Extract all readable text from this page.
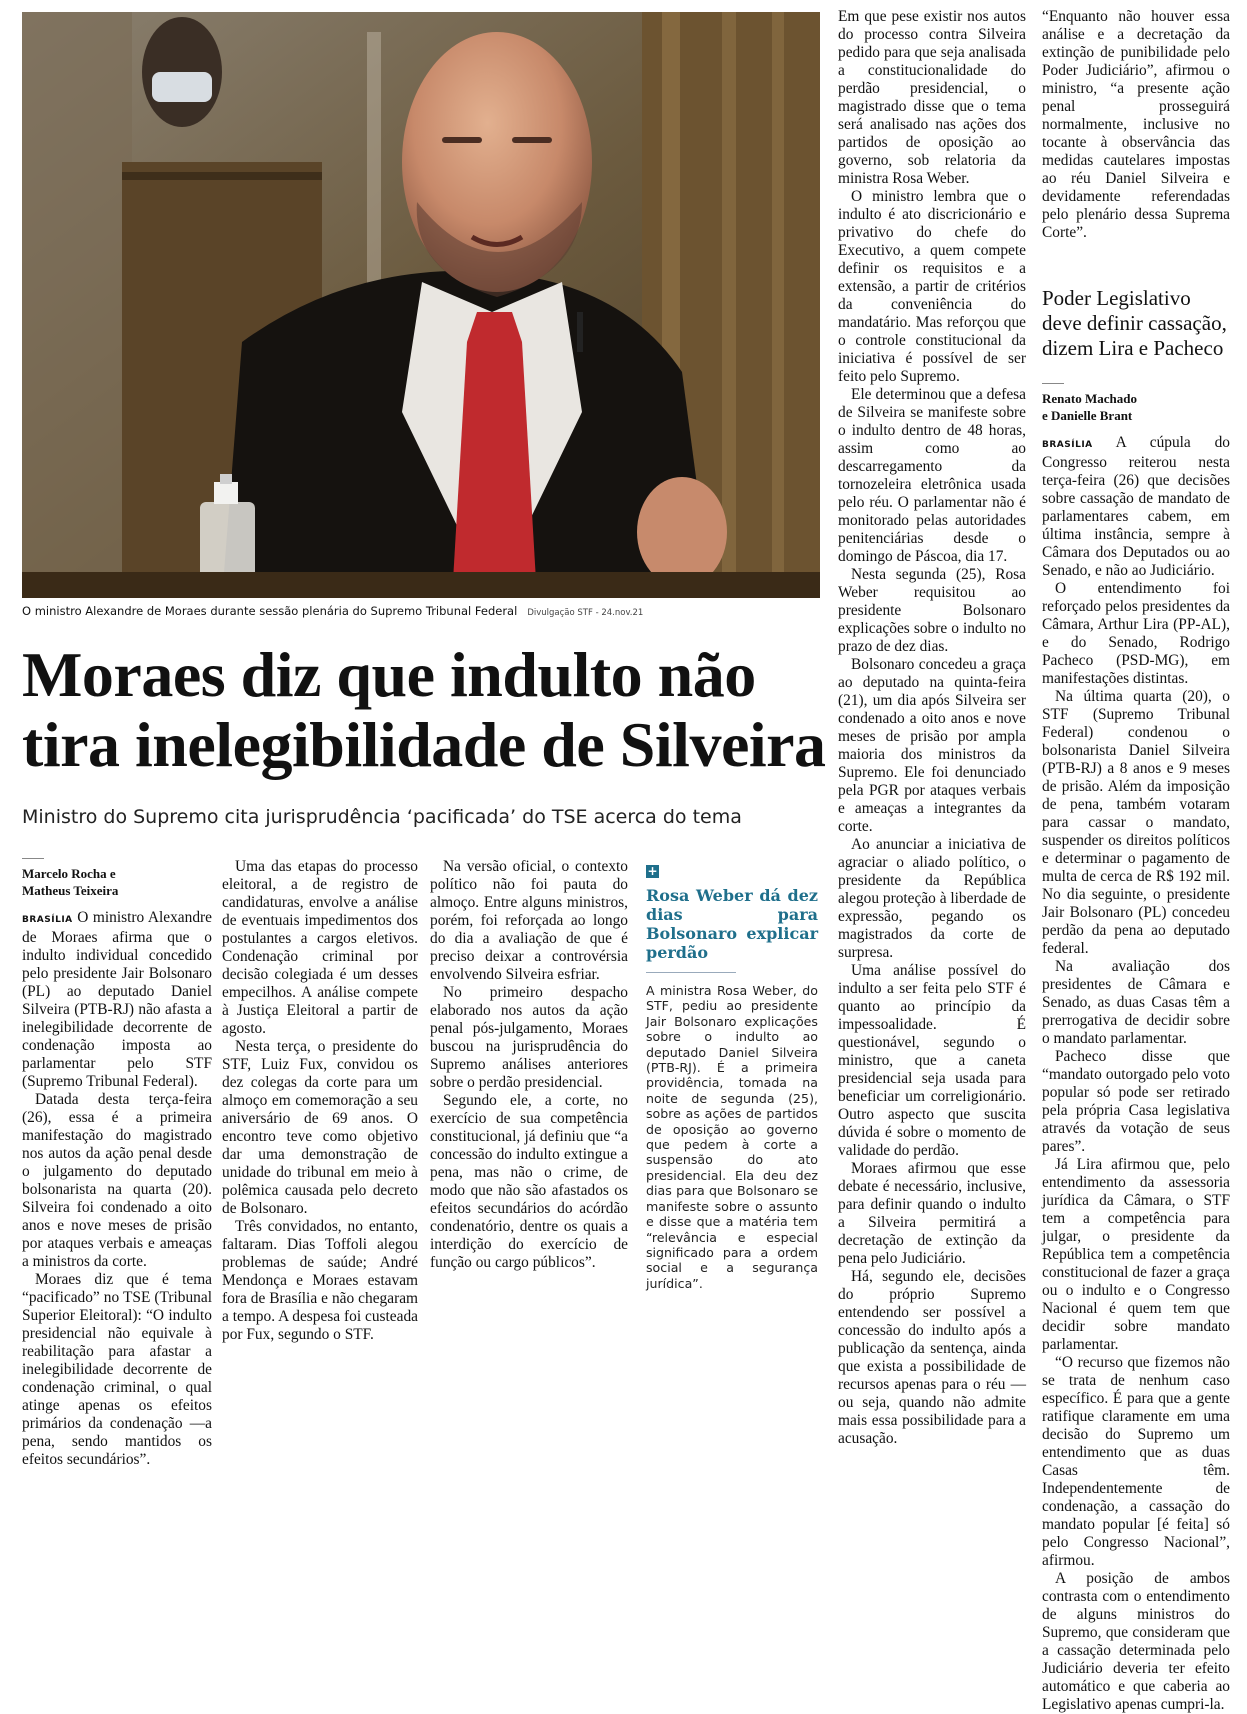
O ministro Alexandre de Moraes durante sessão plenária do Supremo Tribunal Federal Divulgação STF - 24.nov.21
Moraes diz que indulto não
tira inelegibilidade de Silveira
Ministro do Supremo cita jurisprudência ‘pacificada’ do TSE acerca do tema
Marcelo Rocha e
Matheus Teixeira

BRASÍLIA O ministro Alexandre de Moraes afirma que o indulto individual concedido pelo presidente Jair Bolsonaro (PL) ao deputado Daniel Silveira (PTB-RJ) não afasta a inelegibilidade decorrente de condenação imposta ao parlamentar pelo STF (Supremo Tribunal Federal).

Datada desta terça-feira (26), essa é a primeira manifestação do magistrado nos autos da ação penal desde o julgamento do deputado bolsonarista na quarta (20). Silveira foi condenado a oito anos e nove meses de prisão por ataques verbais e ameaças a ministros da corte.

Moraes diz que é tema “pacificado” no TSE (Tribunal Superior Eleitoral): “O indulto presidencial não equivale à reabilitação para afastar a inelegibilidade decorrente de condenação criminal, o qual atinge apenas os efeitos primários da condenação —a pena, sendo mantidos os efeitos secundários”.

Uma das etapas do processo eleitoral, a de registro de candidaturas, envolve a análise de eventuais impedimentos dos postulantes a cargos eletivos. Condenação criminal por decisão colegiada é um desses empecilhos. A análise compete à Justiça Eleitoral a partir de agosto.

Nesta terça, o presidente do STF, Luiz Fux, convidou os dez colegas da corte para um almoço em comemoração a seu aniversário de 69 anos. O encontro teve como objetivo dar uma demonstração de unidade do tribunal em meio à polêmica causada pelo decreto de Bolsonaro.

Três convidados, no entanto, faltaram. Dias Toffoli alegou problemas de saúde; André Mendonça e Moraes estavam fora de Brasília e não chegaram a tempo. A despesa foi custeada por Fux, segundo o STF.

Na versão oficial, o contexto político não foi pauta do almoço. Entre alguns ministros, porém, foi reforçada ao longo do dia a avaliação de que é preciso deixar a controvérsia envolvendo Silveira esfriar.

No primeiro despacho elaborado nos autos da ação penal pós-julgamento, Moraes buscou na jurisprudência do Supremo análises anteriores sobre o perdão presidencial.

Segundo ele, a corte, no exercício de sua competência constitucional, já definiu que “a concessão do indulto extingue a pena, mas não o crime, de modo que não são afastados os efeitos secundários do acórdão condenatório, dentre os quais a interdição do exercício de função ou cargo públicos”.

+
Rosa Weber dá dez dias para Bolsonaro explicar perdão
A ministra Rosa Weber, do STF, pediu ao presidente Jair Bolsonaro explicações sobre o indulto ao deputado Daniel Silveira (PTB-RJ). É a primeira providência, tomada na noite de segunda (25), sobre as ações de partidos de oposição ao governo que pedem à corte a suspensão do ato presidencial. Ela deu dez dias para que Bolsonaro se manifeste sobre o assunto e disse que a matéria tem “relevância e especial significado para a ordem social e a segurança jurídica”.

Em que pese existir nos autos do processo contra Silveira pedido para que seja analisada a constitucionalidade do perdão presidencial, o magistrado disse que o tema será analisado nas ações dos partidos de oposição ao governo, sob relatoria da ministra Rosa Weber.

O ministro lembra que o indulto é ato discricionário e privativo do chefe do Executivo, a quem compete definir os requisitos e a extensão, a partir de critérios da conveniência do mandatário. Mas reforçou que o controle constitucional da iniciativa é possível de ser feito pelo Supremo.

Ele determinou que a defesa de Silveira se manifeste sobre o indulto dentro de 48 horas, assim como ao descarregamento da tornozeleira eletrônica usada pelo réu. O parlamentar não é monitorado pelas autoridades penitenciárias desde o domingo de Páscoa, dia 17.

Nesta segunda (25), Rosa Weber requisitou ao presidente Bolsonaro explicações sobre o indulto no prazo de dez dias.

Bolsonaro concedeu a graça ao deputado na quinta-feira (21), um dia após Silveira ser condenado a oito anos e nove meses de prisão por ampla maioria dos ministros da Supremo. Ele foi denunciado pela PGR por ataques verbais e ameaças a integrantes da corte.

Ao anunciar a iniciativa de agraciar o aliado político, o presidente da República alegou proteção à liberdade de expressão, pegando os magistrados da corte de surpresa.

Uma análise possível do indulto a ser feita pelo STF é quanto ao princípio da impessoalidade. É questionável, segundo o ministro, que a caneta presidencial seja usada para beneficiar um correligionário. Outro aspecto que suscita dúvida é sobre o momento de validade do perdão.

Moraes afirmou que esse debate é necessário, inclusive, para definir quando o indulto a Silveira permitirá a decretação de extinção da pena pelo Judiciário.

Há, segundo ele, decisões do próprio Supremo entendendo ser possível a concessão do indulto após a publicação da sentença, ainda que exista a possibilidade de recursos apenas para o réu — ou seja, quando não admite mais essa possibilidade para a acusação.

“Enquanto não houver essa análise e a decretação da extinção de punibilidade pelo Poder Judiciário”, afirmou o ministro, “a presente ação penal prosseguirá normalmente, inclusive no tocante à observância das medidas cautelares impostas ao réu Daniel Silveira e devidamente referendadas pelo plenário dessa Suprema Corte”.

Poder Legislativo deve definir cassação, dizem Lira e Pacheco
Renato Machado
e Danielle Brant

BRASÍLIA A cúpula do Congresso reiterou nesta terça-feira (26) que decisões sobre cassação de mandato de parlamentares cabem, em última instância, sempre à Câmara dos Deputados ou ao Senado, e não ao Judiciário.

O entendimento foi reforçado pelos presidentes da Câmara, Arthur Lira (PP-AL), e do Senado, Rodrigo Pacheco (PSD-MG), em manifestações distintas.

Na última quarta (20), o STF (Supremo Tribunal Federal) condenou o bolsonarista Daniel Silveira (PTB-RJ) a 8 anos e 9 meses de prisão. Além da imposição de pena, também votaram para cassar o mandato, suspender os direitos políticos e determinar o pagamento de multa de cerca de R$ 192 mil. No dia seguinte, o presidente Jair Bolsonaro (PL) concedeu perdão da pena ao deputado federal.

Na avaliação dos presidentes de Câmara e Senado, as duas Casas têm a prerrogativa de decidir sobre o mandato parlamentar.

Pacheco disse que “mandato outorgado pelo voto popular só pode ser retirado pela própria Casa legislativa através da votação de seus pares”.

Já Lira afirmou que, pelo entendimento da assessoria jurídica da Câmara, o STF tem a competência para julgar, o presidente da República tem a competência constitucional de fazer a graça ou o indulto e o Congresso Nacional é quem tem que decidir sobre mandato parlamentar.

“O recurso que fizemos não se trata de nenhum caso específico. É para que a gente ratifique claramente em uma decisão do Supremo um entendimento que as duas Casas têm. Independentemente de condenação, a cassação do mandato popular [é feita] só pelo Congresso Nacional”, afirmou.

A posição de ambos contrasta com o entendimento de alguns ministros do Supremo, que consideram que a cassação determinada pelo Judiciário deveria ter efeito automático e que caberia ao Legislativo apenas cumpri-la.
